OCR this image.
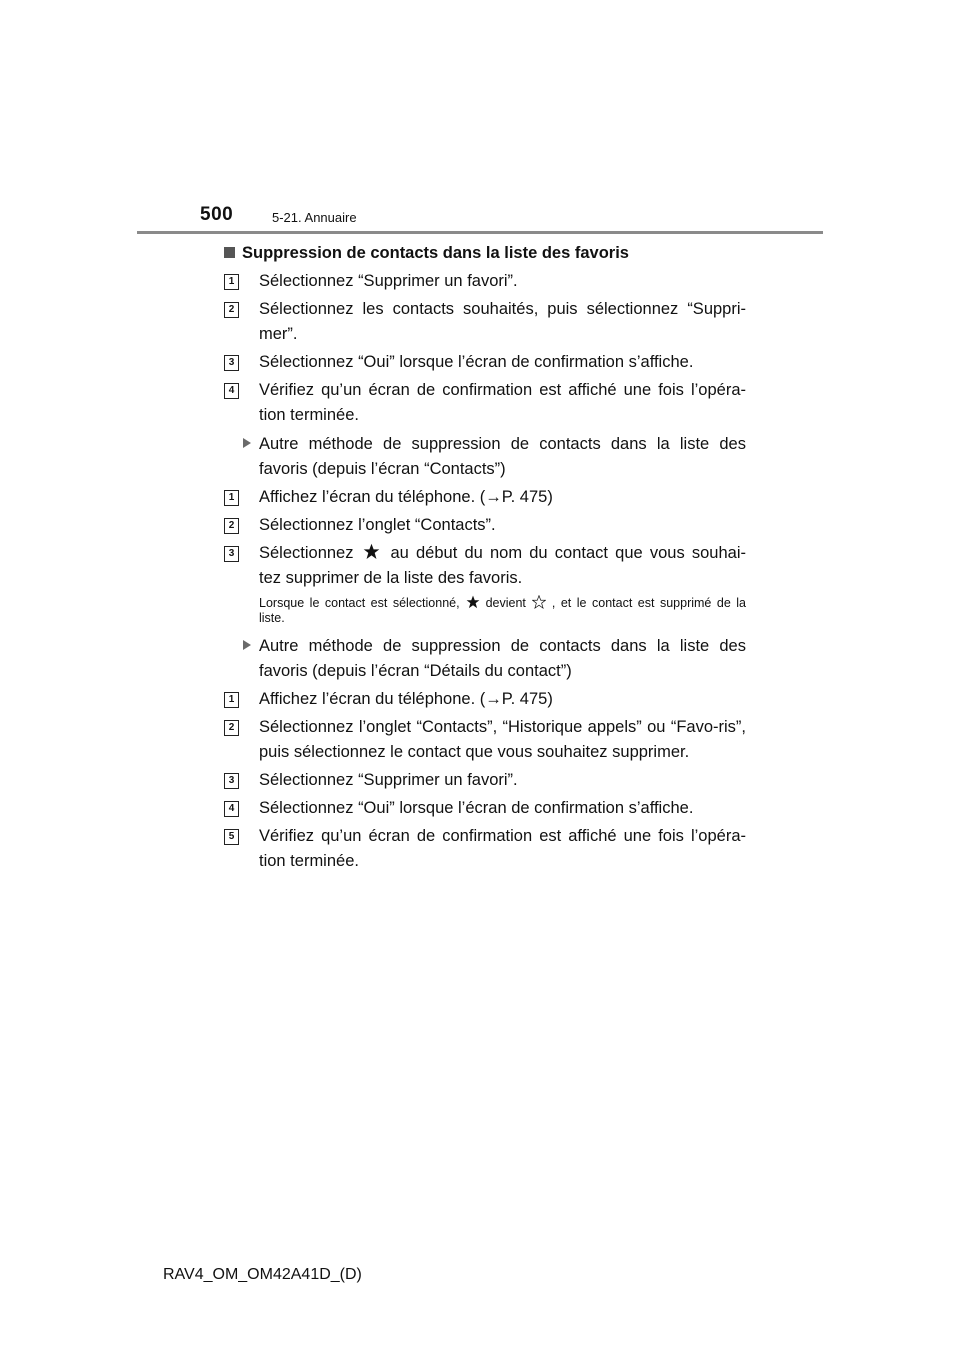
500	5-21. Annuaire
Suppression de contacts dans la liste des favoris
1 Sélectionnez “Supprimer un favori”.
2 Sélectionnez les contacts souhaités, puis sélectionnez “Suppri-mer”.
3 Sélectionnez “Oui” lorsque l’écran de confirmation s’affiche.
4 Vérifiez qu’un écran de confirmation est affiché une fois l’opéra-tion terminée.
Autre méthode de suppression de contacts dans la liste des favoris (depuis l’écran “Contacts”)
1 Affichez l’écran du téléphone. (→P. 475)
2 Sélectionnez l’onglet “Contacts”.
3 Sélectionnez au début du nom du contact que vous souhai-tez supprimer de la liste des favoris.
Lorsque le contact est sélectionné, devient , et le contact est supprimé de la liste.
Autre méthode de suppression de contacts dans la liste des favoris (depuis l’écran “Détails du contact”)
1 Affichez l’écran du téléphone. (→P. 475)
2 Sélectionnez l’onglet “Contacts”, “Historique appels” ou “Favo-ris”, puis sélectionnez le contact que vous souhaitez supprimer.
3 Sélectionnez “Supprimer un favori”.
4 Sélectionnez “Oui” lorsque l’écran de confirmation s’affiche.
5 Vérifiez qu’un écran de confirmation est affiché une fois l’opéra-tion terminée.
RAV4_OM_OM42A41D_(D)
